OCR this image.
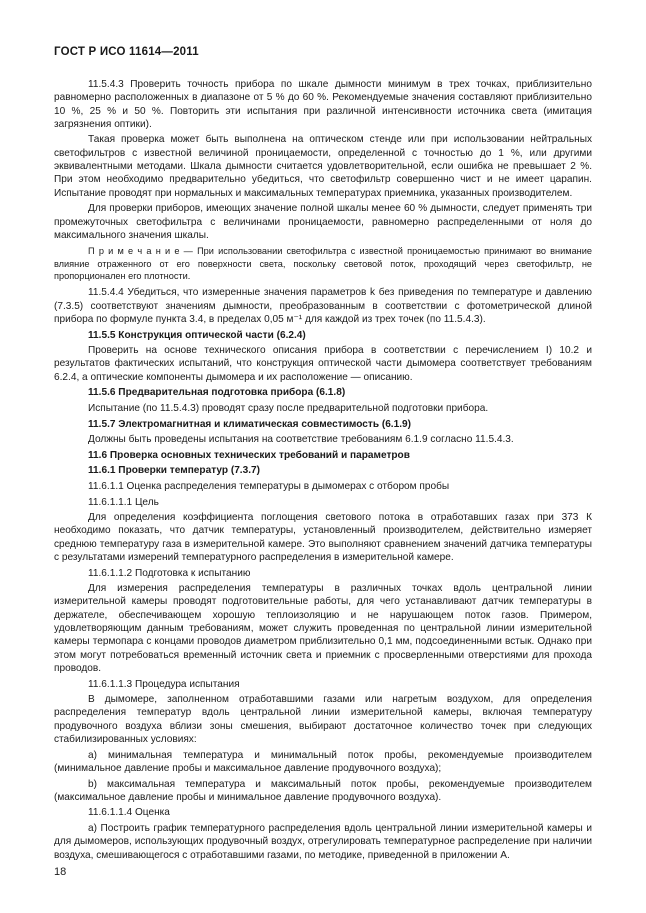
ГОСТ Р ИСО 11614—2011

11.5.4.3 Проверить точность прибора по шкале дымности минимум в трех точках, приблизительно равномерно расположенных в диапазоне от 5 % до 60 %. Рекомендуемые значения составляют приблизительно 10 %, 25 % и 50 %. Повторить эти испытания при различной интенсивности источника света (имитация загрязнения оптики).

Такая проверка может быть выполнена на оптическом стенде или при использовании нейтральных светофильтров с известной величиной проницаемости, определенной с точностью до 1 %, или другими эквивалентными методами. Шкала дымности считается удовлетворительной, если ошибка не превышает 2 %. При этом необходимо предварительно убедиться, что светофильтр совершенно чист и не имеет царапин. Испытание проводят при нормальных и максимальных температурах приемника, указанных производителем.

Для проверки приборов, имеющих значение полной шкалы менее 60 % дымности, следует применять три промежуточных светофильтра с величинами проницаемости, равномерно распределенными от ноля до максимального значения шкалы.

П р и м е ч а н и е — При использовании светофильтра с известной проницаемостью принимают во внимание влияние отраженного от его поверхности света, поскольку световой поток, проходящий через светофильтр, не пропорционален его плотности.

11.5.4.4 Убедиться, что измеренные значения параметров k без приведения по температуре и давлению (7.3.5) соответствуют значениям дымности, преобразованным в соответствии с фотометрической длиной прибора по формуле пункта 3.4, в пределах 0,05 м⁻¹ для каждой из трех точек (по 11.5.4.3).

11.5.5 Конструкция оптической части (6.2.4)

Проверить на основе технического описания прибора в соответствии с перечислением I) 10.2 и результатов фактических испытаний, что конструкция оптической части дымомера соответствует требованиям 6.2.4, а оптические компоненты дымомера и их расположение — описанию.

11.5.6 Предварительная подготовка прибора (6.1.8)

Испытание (по 11.5.4.3) проводят сразу после предварительной подготовки прибора.

11.5.7 Электромагнитная и климатическая совместимость (6.1.9)

Должны быть проведены испытания на соответствие требованиям 6.1.9 согласно 11.5.4.3.

11.6 Проверка основных технических требований и параметров

11.6.1 Проверки температур (7.3.7)

11.6.1.1 Оценка распределения температуры в дымомерах с отбором пробы

11.6.1.1.1 Цель

Для определения коэффициента поглощения светового потока в отработавших газах при 373 К необходимо показать, что датчик температуры, установленный производителем, действительно измеряет среднюю температуру газа в измерительной камере. Это выполняют сравнением значений датчика температуры с результатами измерений температурного распределения в измерительной камере.

11.6.1.1.2 Подготовка к испытанию

Для измерения распределения температуры в различных точках вдоль центральной линии измерительной камеры проводят подготовительные работы, для чего устанавливают датчик температуры в держателе, обеспечивающем хорошую теплоизоляцию и не нарушающем поток газов. Примером, удовлетворяющим данным требованиям, может служить проведенная по центральной линии измерительной камеры термопара с концами проводов диаметром приблизительно 0,1 мм, подсоединенными встык. Однако при этом могут потребоваться временный источник света и приемник с просверленными отверстиями для прохода проводов.

11.6.1.1.3 Процедура испытания

В дымомере, заполненном отработавшими газами или нагретым воздухом, для определения распределения температур вдоль центральной линии измерительной камеры, включая температуру продувочного воздуха вблизи зоны смешения, выбирают достаточное количество точек при следующих стабилизированных условиях:

а) минимальная температура и минимальный поток пробы, рекомендуемые производителем (минимальное давление пробы и максимальное давление продувочного воздуха);

b) максимальная температура и максимальный поток пробы, рекомендуемые производителем (максимальное давление пробы и минимальное давление продувочного воздуха).

11.6.1.1.4 Оценка

а) Построить график температурного распределения вдоль центральной линии измерительной камеры и для дымомеров, использующих продувочный воздух, отрегулировать температурное распределение при наличии воздуха, смешивающегося с отработавшими газами, по методике, приведенной в приложении А.

18
